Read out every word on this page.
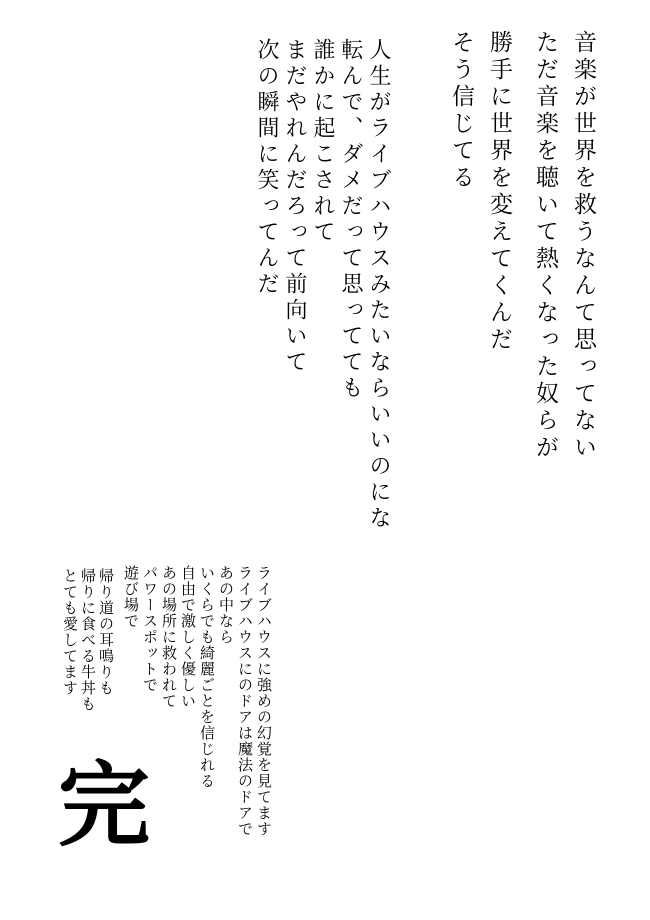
音楽が世界を救うなんて思ってない

ただ音楽を聴いて熱くなった奴らが

勝手に世界を変えてくんだ

そう信じてる

人生がライブハウスみたいならいいのにな

転んで、ダメだって思ってても

誰かに起こされて

まだやれんだろって前向いて

次の瞬間に笑ってんだ

ライブハウスに強めの幻覚を見てます

ライブハウスにのドアは魔法のドアで

あの中なら

いくらでも綺麗ごとを信じれる

自由で激しく優しい

あの場所に救われて

パワースポットで

遊び場で

帰り道の耳鳴りも

帰りに食べる牛丼も

とても愛してます

完
